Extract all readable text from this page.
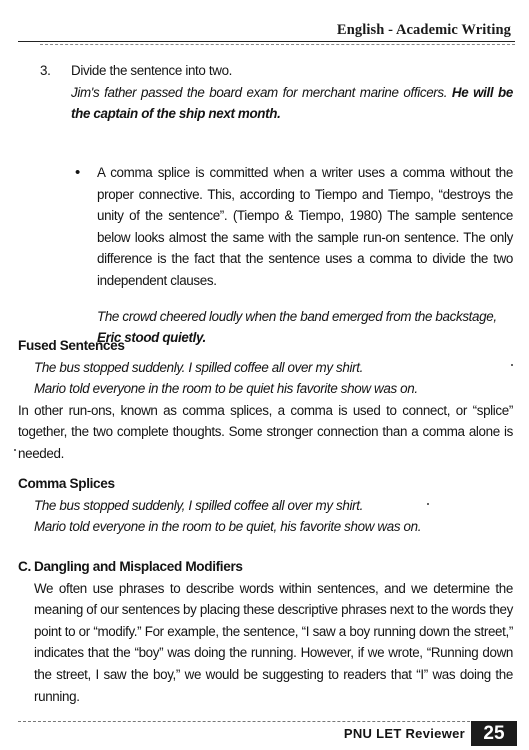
English - Academic Writing
3. Divide the sentence into two.
Jim's father passed the board exam for merchant marine officers. He will be the captain of the ship next month.
• A comma splice is committed when a writer uses a comma without the proper connective. This, according to Tiempo and Tiempo, “destroys the unity of the sentence”. (Tiempo & Tiempo, 1980) The sample sentence below looks almost the same with the sample run-on sentence. The only difference is the fact that the sentence uses a comma to divide the two independent clauses.
The crowd cheered loudly when the band emerged from the backstage,
Eric stood quietly.
Fused Sentences
The bus stopped suddenly. I spilled coffee all over my shirt.
Mario told everyone in the room to be quiet his favorite show was on.
In other run-ons, known as comma splices, a comma is used to connect, or “splice” together, the two complete thoughts. Some stronger connection than a comma alone is needed.
Comma Splices
The bus stopped suddenly, I spilled coffee all over my shirt.
Mario told everyone in the room to be quiet, his favorite show was on.
C. Dangling and Misplaced Modifiers
We often use phrases to describe words within sentences, and we determine the meaning of our sentences by placing these descriptive phrases next to the words they point to or “modify.” For example, the sentence, “I saw a boy running down the street,” indicates that the “boy” was doing the running. However, if we wrote, “Running down the street, I saw the boy,” we would be suggesting to readers that “I” was doing the running.
PNU LET Reviewer 25
